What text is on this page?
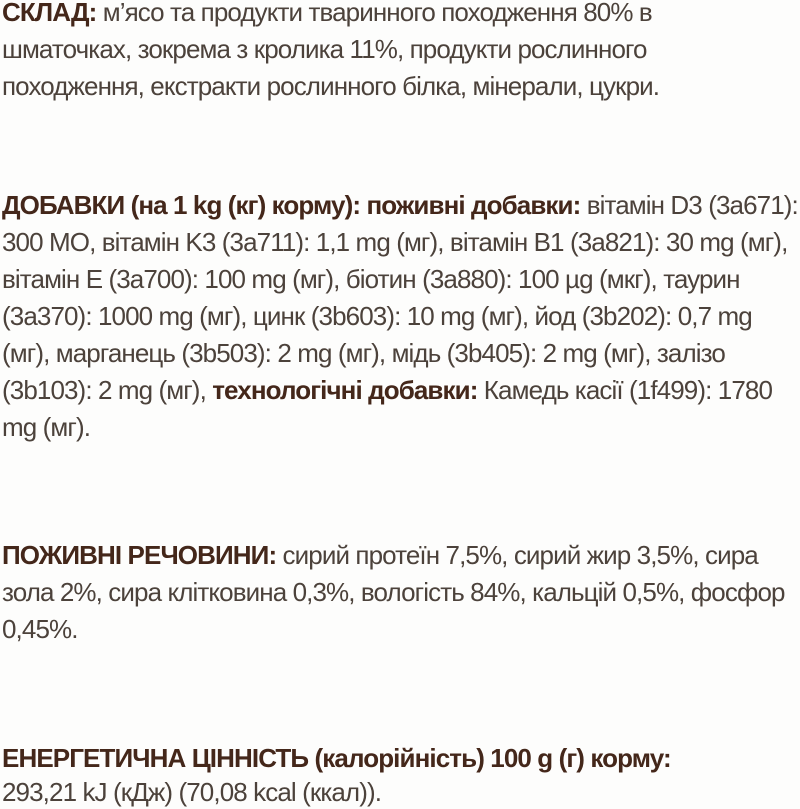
СКЛАД: м’ясо та продукти тваринного походження 80% в шматочках, зокрема з кролика 11%, продукти рослинного походження, екстракти рослинного білка, мінерали, цукри.

ДОБАВКИ (на 1 kg (кг) корму): поживні добавки: вітамін D3 (3a671): 300 МО, вітамін K3 (3a711): 1,1 mg (мг), вітамін B1 (3a821): 30 mg (мг), вітамін E (3a700): 100 mg (мг), біотин (3a880): 100 µg (мкг), таурин (3a370): 1000 mg (мг), цинк (3b603): 10 mg (мг), йод (3b202): 0,7 mg (мг), марганець (3b503): 2 mg (мг), мідь (3b405): 2 mg (мг), залізо (3b103): 2 mg (мг), технологічні добавки: Камедь касії (1f499): 1780 mg (мг).

ПОЖИВНІ РЕЧОВИНИ: сирий протеїн 7,5%, сирий жир 3,5%, сира зола 2%, сира клітковина 0,3%, вологість 84%, кальцій 0,5%, фосфор 0,45%.

ЕНЕРГЕТИЧНА ЦІННІСТЬ (калорійність) 100 g (г) корму:
293,21 kJ (кДж) (70,08 kcal (ккал)).
